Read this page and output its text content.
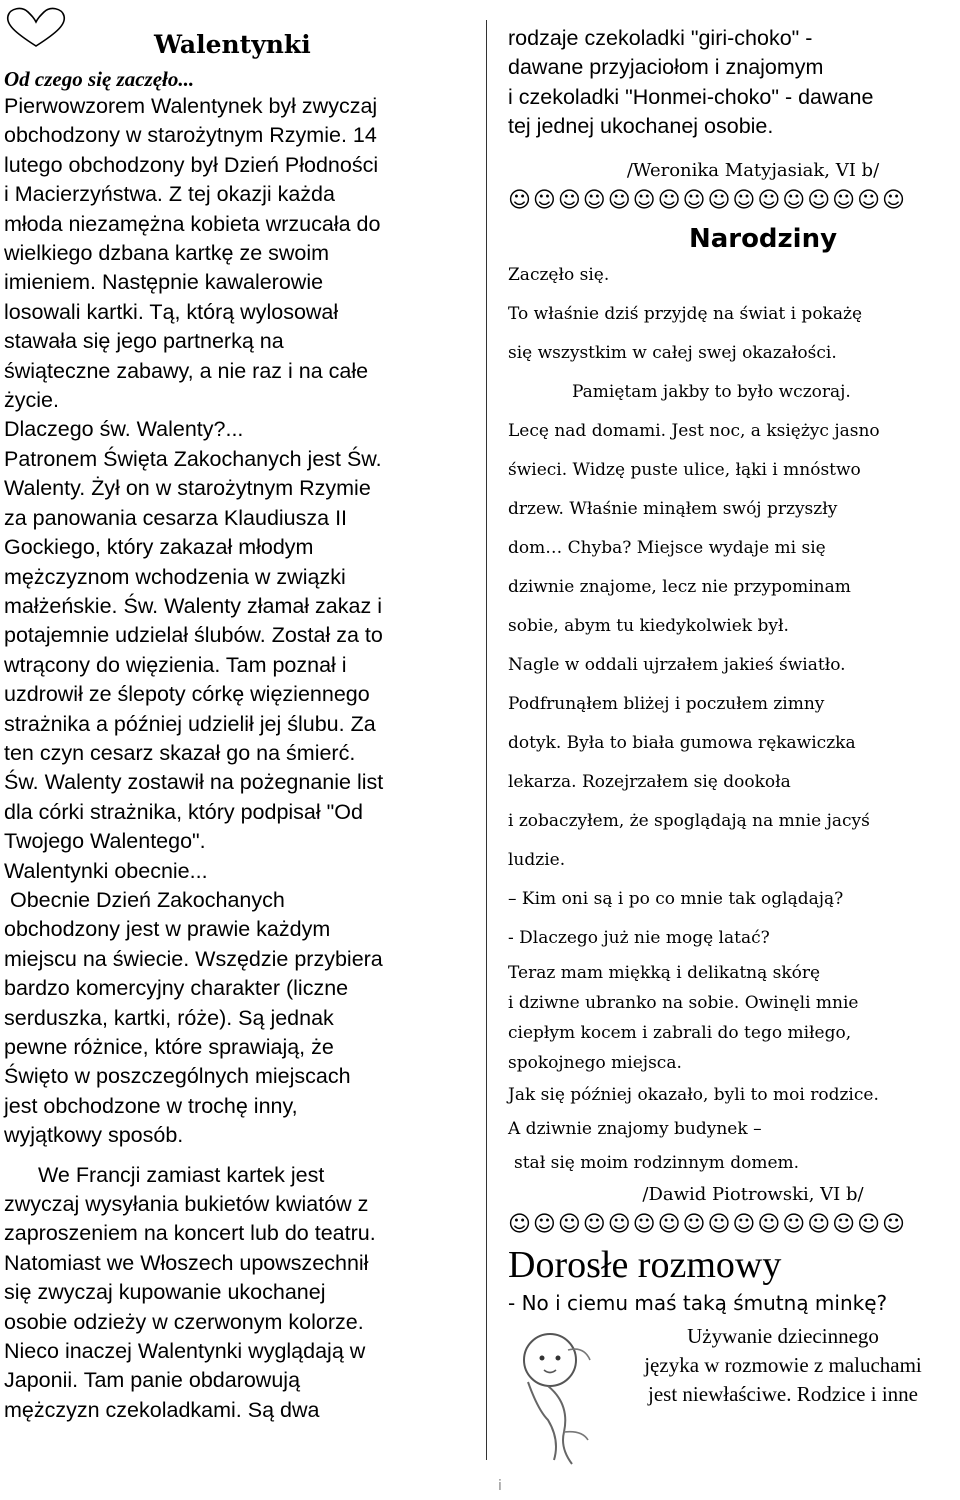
Walentynki
Od czego się zaczęło...

Pierwowzorem Walentynek był zwyczaj

obchodzony w starożytnym Rzymie. 14

lutego obchodzony był Dzień Płodności

i Macierzyństwa. Z tej okazji każda

młoda niezamężna kobieta wrzucała do

wielkiego dzbana kartkę ze swoim

imieniem. Następnie kawalerowie

losowali kartki. Tą, którą wylosował

stawała się jego partnerką na

świąteczne zabawy, a nie raz i na całe

życie.

Dlaczego św. Walenty?...

Patronem Święta Zakochanych jest Św.

Walenty. Żył on w starożytnym Rzymie

za panowania cesarza Klaudiusza II

Gockiego, który zakazał młodym

mężczyznom wchodzenia w związki

małżeńskie. Św. Walenty złamał zakaz i

potajemnie udzielał ślubów. Został za to

wtrącony do więzienia. Tam poznał i

uzdrowił ze ślepoty córkę więziennego

strażnika a później udzielił jej ślubu. Za

ten czyn cesarz skazał go na śmierć.

Św. Walenty zostawił na pożegnanie list

dla córki strażnika, który podpisał "Od

Twojego Walentego".

Walentynki obecnie...

Obecnie Dzień Zakochanych

obchodzony jest w prawie każdym

miejscu na świecie. Wszędzie przybiera

bardzo komercyjny charakter (liczne

serduszka, kartki, róże). Są jednak

pewne różnice, które sprawiają, że

Święto w poszczególnych miejscach

jest obchodzone w trochę inny,

wyjątkowy sposób.

We Francji zamiast kartek jest

zwyczaj wysyłania bukietów kwiatów z

zaproszeniem na koncert lub do teatru.

Natomiast we Włoszech upowszechnił

się zwyczaj kupowanie ukochanej

osobie odzieży w czerwonym kolorze.

Nieco inaczej Walentynki wyglądają w

Japonii. Tam panie obdarowują

mężczyzn czekoladkami. Są dwa

rodzaje czekoladki "giri-choko" -

dawane przyjaciołom i znajomym

i czekoladki "Honmei-choko" - dawane

tej jednej ukochanej osobie.

/Weronika Matyjasiak, VI b/

☺☺☺☺☺☺☺☺☺☺☺☺☺☺☺☺

Narodziny

Zaczęło się.

To właśnie dziś przyjdę na świat i pokażę

się wszystkim w całej swej okazałości.

Pamiętam jakby to było wczoraj.

Lecę nad domami. Jest noc, a księżyc jasno

świeci. Widzę puste ulice, łąki i mnóstwo

drzew. Właśnie minąłem swój przyszły

dom… Chyba? Miejsce wydaje mi się

dziwnie znajome, lecz nie przypominam

sobie, abym tu kiedykolwiek był.

Nagle w oddali ujrzałem jakieś światło.

Podfrunąłem bliżej i poczułem zimny

dotyk. Była to biała gumowa rękawiczka

lekarza. Rozejrzałem się dookoła

i zobaczyłem, że spoglądają na mnie jacyś

ludzie.

– Kim oni są i po co mnie tak oglądają?

- Dlaczego już nie mogę latać?

Teraz mam miękką i delikatną skórę

i dziwne ubranko na sobie. Owinęli mnie

ciepłym kocem i zabrali do tego miłego,

spokojnego miejsca.

Jak się później okazało, byli to moi rodzice.

A dziwnie znajomy budynek –

stał się moim rodzinnym domem.

/Dawid Piotrowski, VI b/

☺☺☺☺☺☺☺☺☺☺☺☺☺☺☺☺

Dorosłe rozmowy

- No i ciemu maś taką śmutną minkę?

Używanie dziecinnego
języka w rozmowie z maluchami
jest niewłaściwe. Rodzice i inne
i
